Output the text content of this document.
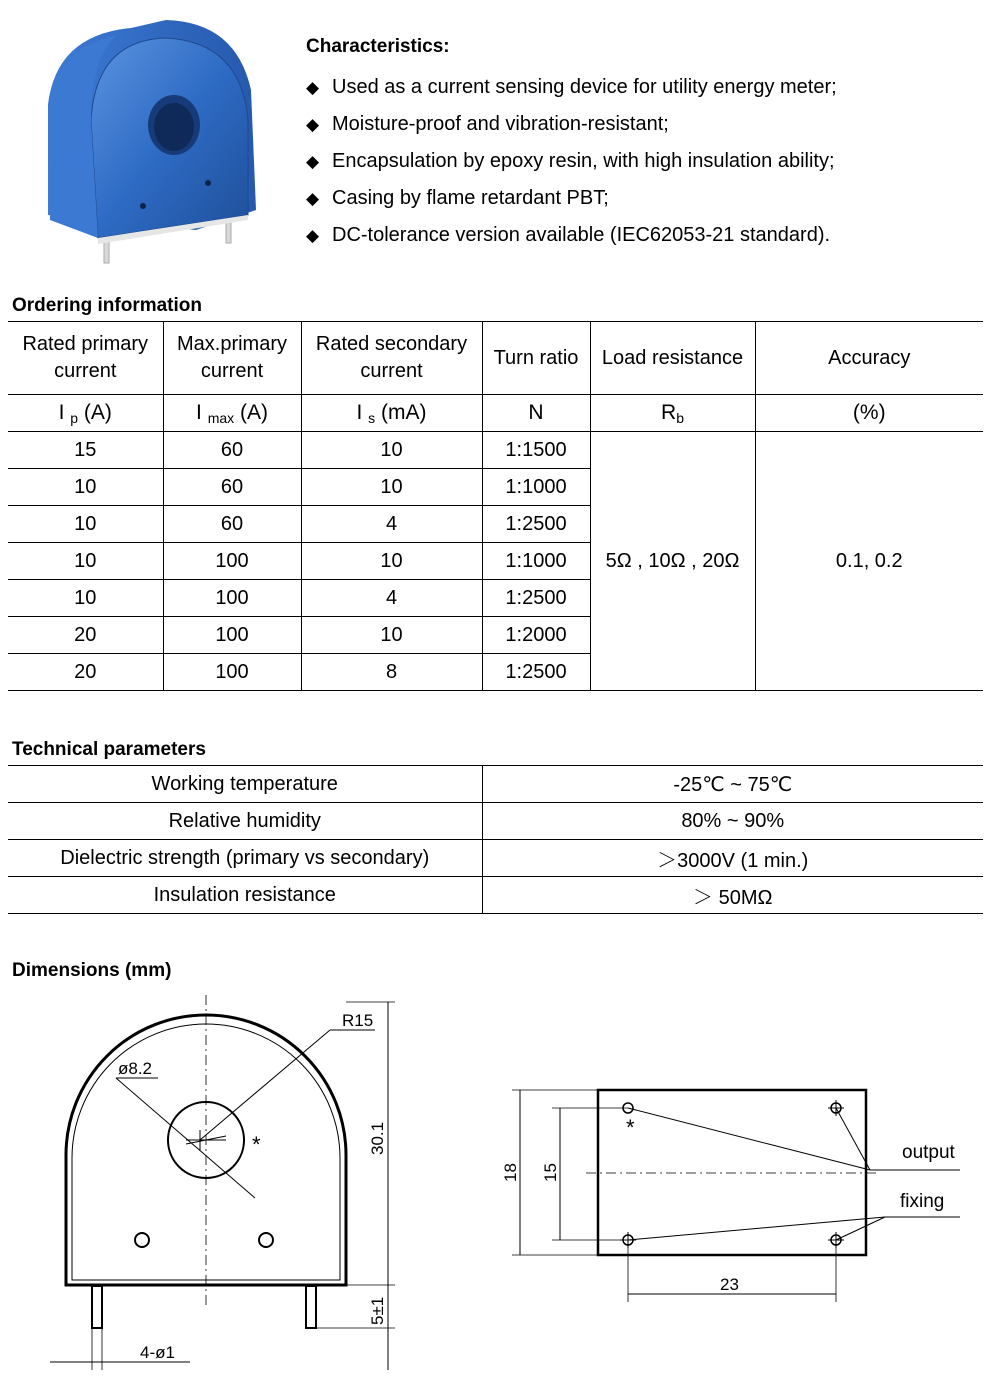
Characteristics:
◆ Used as a current sensing device for utility energy meter;
◆ Moisture-proof and vibration-resistant;
◆ Encapsulation by epoxy resin, with high insulation ability;
◆ Casing by flame retardant PBT;
◆ DC-tolerance version available (IEC62053-21 standard).
Ordering information
Rated primary
current	Max.primary
current	Rated secondary
current	Turn ratio	Load resistance	Accuracy
I $_p$ (A)	I $_{max}$ (A)	I $_s$ (mA)	N	$R_b$	(%)
15	60	10	1:1500	5Ω , 10Ω , 20Ω	0.1, 0.2
10	60	10	1:1000		
10	60	4	1:2500		
10	100	10	1:1000		
10	100	4	1:2500		
20	100	10	1:2000		
20	100	8	1:2500		
Technical parameters
Working temperature	-25℃ ~ 75℃
Relative humidity	80% ~ 90%
Dielectric strength (primary vs secondary)	＞3000V (1 min.)
Insulation resistance	＞ 50MΩ
Dimensions (mm)
R15
ø8.2
*	30.1
5±1
4-ø1
*
18 15
23
output
fixing
